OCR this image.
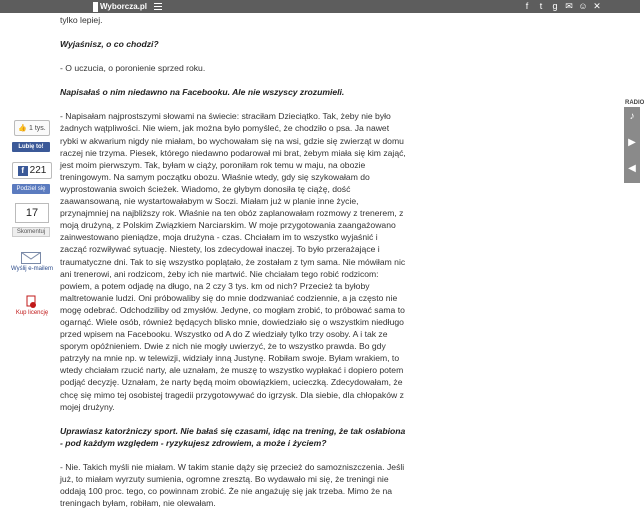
Wyborcza.pl	f	t	g ✉ ☺ ✕
RADIO
♪
▶
◀
👍 1 tys.
Lubię to!
f 221
Podziel się
17
Skomentuj
Wyślij e-mailem
Kup licencję

tylko lepiej.

Wyjaśnisz, o co chodzi?

- O uczucia, o poronienie sprzed roku.

Napisałaś o nim niedawno na Facebooku. Ale nie wszyscy zrozumieli.

- Napisałam najprostszymi słowami na świecie: straciłam Dzieciątko. Tak, żeby nie było żadnych wątpliwości. Nie wiem, jak można było pomyśleć, że chodziło o psa. Ja nawet rybki w akwarium nigdy nie miałam, bo wychowałam się na wsi, gdzie się zwierząt w domu raczej nie trzyma. Piesek, którego niedawno podarował mi brat, żebym miała się kim zająć, jest moim pierwszym. Tak, byłam w ciąży, poroniłam rok temu w maju, na obozie treningowym. Na samym początku obozu. Właśnie wtedy, gdy się szykowałam do wyprostowania swoich ścieżek. Wiadomo, że głybym donosiła tę ciążę, dość zaawansowaną, nie wystartowałabym w Soczi. Miałam już w planie inne życie, przynajmniej na najbliższy rok. Właśnie na ten obóz zaplanowałam rozmowy z trenerem, z moją drużyną, z Polskim Związkiem Narciarskim. W moje przygotowania zaangażowano zainwestowano pieniądze, moja drużyna - czas. Chciałam im to wszystko wyjaśnić i zacząć rozwiływać sytuację. Niestety, los zdecydował inaczej. To było przerażające i traumatyczne dni. Tak to się wszystko poplątało, że zostałam z tym sama. Nie mówiłam nic ani trenerowi, ani rodzicom, żeby ich nie martwić. Nie chciałam tego robić rodzicom: powiem, a potem odjadę na długo, na 2 czy 3 tys. km od nich? Przecież ta byłoby maltretowanie ludzi. Oni próbowaliby się do mnie dodzwaniać codziennie, a ja często nie mogę odebrać. Odchodziliby od zmysłów. Jedyne, co mogłam zrobić, to próbować sama to ogarnąć. Wiele osób, również będących blisko mnie, dowiedziało się o wszystkim niedługo przed wpisem na Facebooku. Wszystko od A do Z wiedziały tylko trzy osoby. A i tak ze sporym opóźnieniem. Dwie z nich nie mogły uwierzyć, że to wszystko prawda. Bo gdy patrzyły na mnie np. w telewizji, widziały inną Justynę. Robiłam swoje. Byłam wrakiem, to wtedy chciałam rzucić narty, ale uznałam, że muszę to wszystko wypłakać i dopiero potem podjąć decyzję. Uznałam, że narty będą moim obowiązkiem, ucieczką. Zdecydowałam, że chcę się mimo tej osobistej tragedii przygotowywać do igrzysk. Dla siebie, dla chłopaków z mojej drużyny.

Uprawiasz katorżniczy sport. Nie bałaś się czasami, idąc na trening, że tak osłabiona - pod każdym względem - ryzykujesz zdrowiem, a może i życiem?

- Nie. Takich myśli nie miałam. W takim stanie dąży się przecież do samozniszczenia. Jeśli już, to miałam wyrzuty sumienia, ogromne zresztą. Bo wydawało mi się, że treningi nie oddają 100 proc. tego, co powinnam zrobić. Że nie angażuję się jak trzeba. Mimo że na treningach byłam, robiłam, nie olewałam.
